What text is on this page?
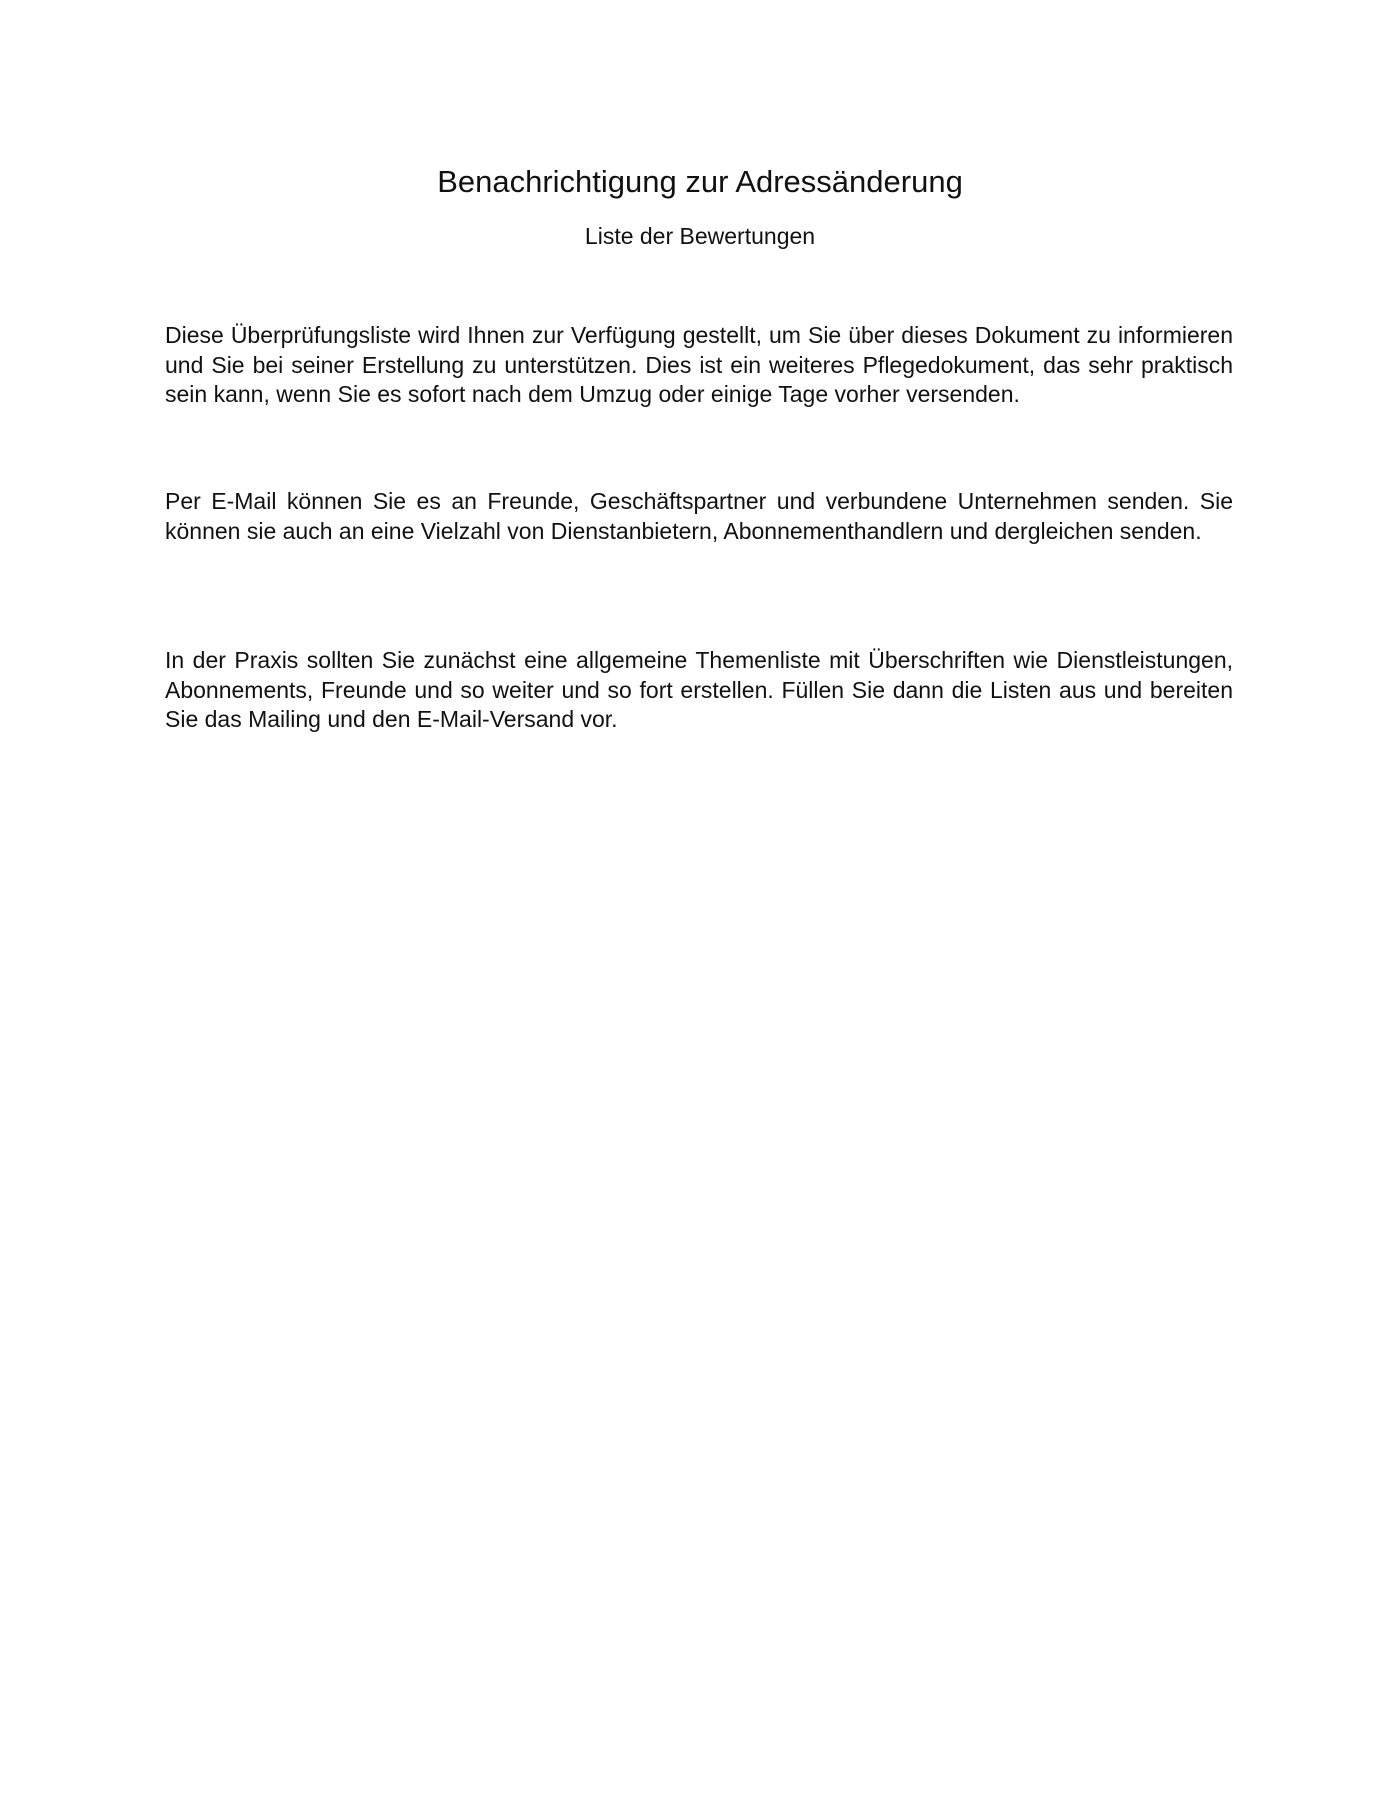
Benachrichtigung zur Adressänderung
Liste der Bewertungen

Diese Überprüfungsliste wird Ihnen zur Verfügung gestellt, um Sie über dieses Dokument zu informieren und Sie bei seiner Erstellung zu unterstützen. Dies ist ein weiteres Pflegedokument, das sehr praktisch sein kann, wenn Sie es sofort nach dem Umzug oder einige Tage vorher versenden.

Per E-Mail können Sie es an Freunde, Geschäftspartner und verbundene Unternehmen senden. Sie können sie auch an eine Vielzahl von Dienstanbietern, Abonnementhandlern und dergleichen senden.

In der Praxis sollten Sie zunächst eine allgemeine Themenliste mit Überschriften wie Dienstleistungen, Abonnements, Freunde und so weiter und so fort erstellen. Füllen Sie dann die Listen aus und bereiten Sie das Mailing und den E-Mail-Versand vor.
